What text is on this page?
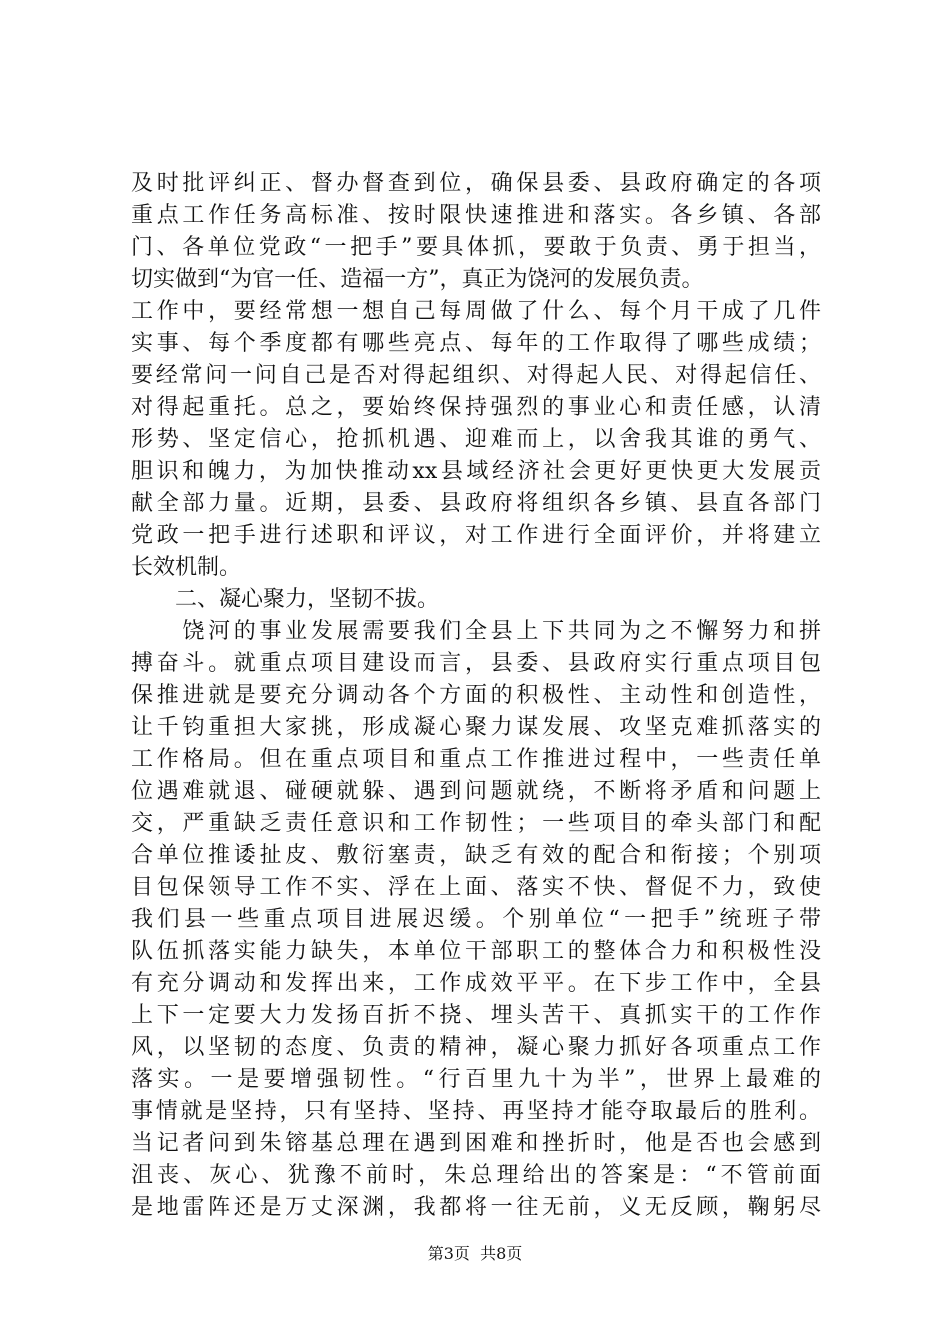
及时批评纠正、督办督查到位，确保县委、县政府确定的各项
重点工作任务高标准、按时限快速推进和落实。各乡镇、各部
门、各单位党政“一把手”要具体抓，要敢于负责、勇于担当，
切实做到“为官一任、造福一方”，真正为饶河的发展负责。
工作中，要经常想一想自己每周做了什么、每个月干成了几件
实事、每个季度都有哪些亮点、每年的工作取得了哪些成绩；
要经常问一问自己是否对得起组织、对得起人民、对得起信任、
对得起重托。总之，要始终保持强烈的事业心和责任感，认清
形势、坚定信心，抢抓机遇、迎难而上，以舍我其谁的勇气、
胆识和魄力，为加快推动xx县域经济社会更好更快更大发展贡
献全部力量。近期，县委、县政府将组织各乡镇、县直各部门
党政一把手进行述职和评议，对工作进行全面评价，并将建立
长效机制。
　　二、凝心聚力，坚韧不拔。
　　饶河的事业发展需要我们全县上下共同为之不懈努力和拼
搏奋斗。就重点项目建设而言，县委、县政府实行重点项目包
保推进就是要充分调动各个方面的积极性、主动性和创造性，
让千钧重担大家挑，形成凝心聚力谋发展、攻坚克难抓落实的
工作格局。但在重点项目和重点工作推进过程中，一些责任单
位遇难就退、碰硬就躲、遇到问题就绕，不断将矛盾和问题上
交，严重缺乏责任意识和工作韧性；一些项目的牵头部门和配
合单位推诿扯皮、敷衍塞责，缺乏有效的配合和衔接；个别项
目包保领导工作不实、浮在上面、落实不快、督促不力，致使
我们县一些重点项目进展迟缓。个别单位“一把手”统班子带
队伍抓落实能力缺失，本单位干部职工的整体合力和积极性没
有充分调动和发挥出来，工作成效平平。在下步工作中，全县
上下一定要大力发扬百折不挠、埋头苦干、真抓实干的工作作
风，以坚韧的态度、负责的精神，凝心聚力抓好各项重点工作
落实。一是要增强韧性。“行百里九十为半”，世界上最难的
事情就是坚持，只有坚持、坚持、再坚持才能夺取最后的胜利。
当记者问到朱镕基总理在遇到困难和挫折时，他是否也会感到
沮丧、灰心、犹豫不前时，朱总理给出的答案是：“不管前面
是地雷阵还是万丈深渊，我都将一往无前，义无反顾，鞠躬尽
第3页  共8页
